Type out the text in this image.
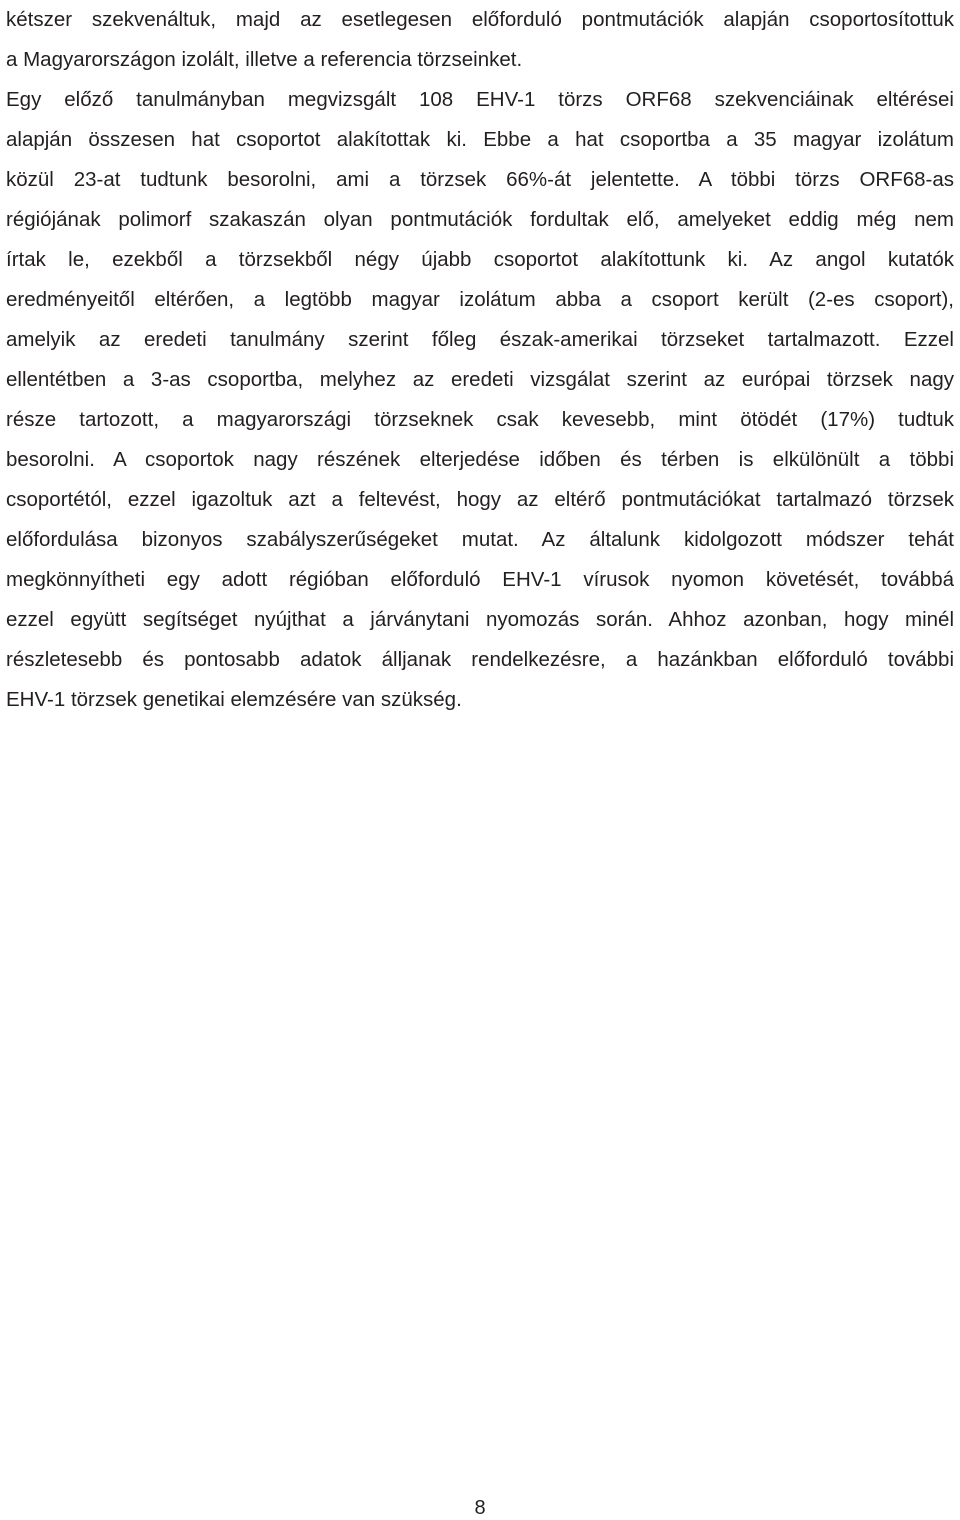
kétszer szekvenáltuk, majd az esetlegesen előforduló pontmutációk alapján csoportosítottuk
a Magyarországon izolált, illetve a referencia törzseinket.
Egy előző tanulmányban megvizsgált 108 EHV-1 törzs ORF68 szekvenciáinak eltérései
alapján összesen hat csoportot alakítottak ki. Ebbe a hat csoportba a 35 magyar izolátum
közül 23-at tudtunk besorolni, ami a törzsek 66%-át jelentette. A többi törzs ORF68-as
régiójának polimorf szakaszán olyan pontmutációk fordultak elő, amelyeket eddig még nem
írtak le, ezekből a törzsekből négy újabb csoportot alakítottunk ki. Az angol kutatók
eredményeitől eltérően, a legtöbb magyar izolátum abba a csoport került (2-es csoport),
amelyik az eredeti tanulmány szerint főleg észak-amerikai törzseket tartalmazott. Ezzel
ellentétben a 3-as csoportba, melyhez az eredeti vizsgálat szerint az európai törzsek nagy
része tartozott, a magyarországi törzseknek csak kevesebb, mint ötödét (17%) tudtuk
besorolni. A csoportok nagy részének elterjedése időben és térben is elkülönült a többi
csoportétól, ezzel igazoltuk azt a feltevést, hogy az eltérő pontmutációkat tartalmazó törzsek
előfordulása bizonyos szabályszerűségeket mutat. Az általunk kidolgozott módszer tehát
megkönnyítheti egy adott régióban előforduló EHV-1 vírusok nyomon követését, továbbá
ezzel együtt segítséget nyújthat a járványtani nyomozás során. Ahhoz azonban, hogy minél
részletesebb és pontosabb adatok álljanak rendelkezésre, a hazánkban előforduló további
EHV-1 törzsek genetikai elemzésére van szükség.
8
